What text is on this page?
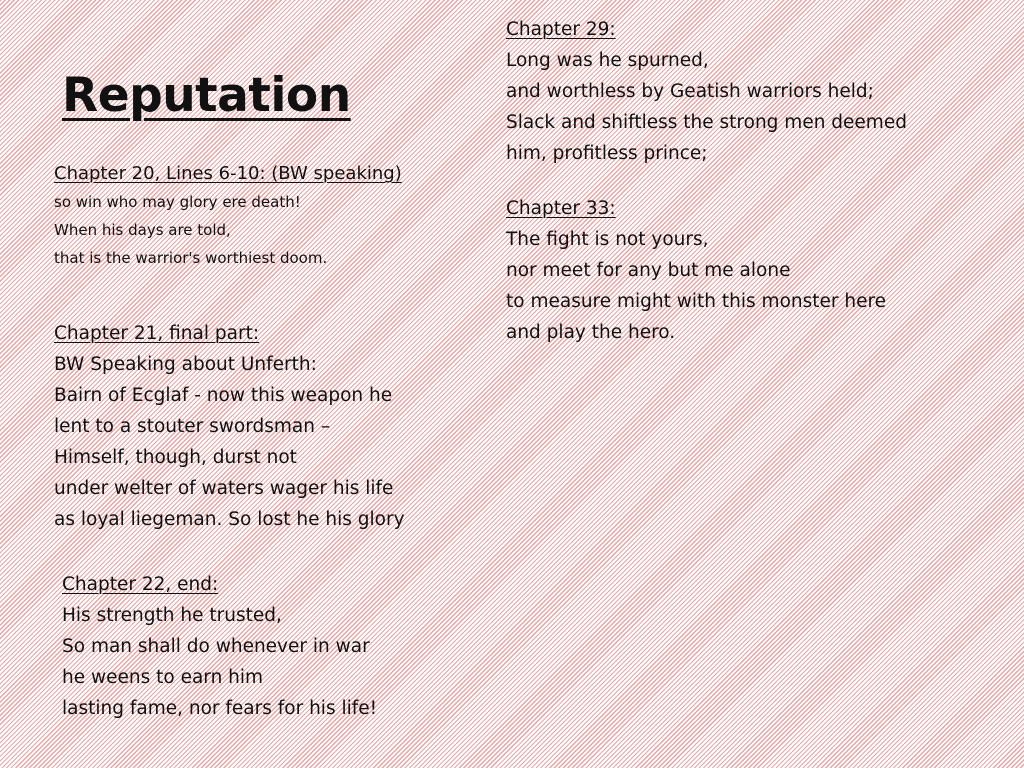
Reputation
Chapter 20, Lines 6-10: (BW speaking)
so win who may glory ere death!
When his days are told,
that is the warrior's worthiest doom.
Chapter 21, final part:
BW Speaking about Unferth:
Bairn of Ecglaf - now this weapon he
lent to a stouter swordsman –
Himself, though, durst not
under welter of waters wager his life
as loyal liegeman. So lost he his glory
Chapter 22, end:
His strength he trusted,
So man shall do whenever in war
he weens to earn him
lasting fame, nor fears for his life!
Chapter 29:
Long was he spurned,
and worthless by Geatish warriors held;
Slack and shiftless the strong men deemed
him, profitless prince;
Chapter 33:
The fight is not yours,
nor meet for any but me alone
to measure might with this monster here
and play the hero.
